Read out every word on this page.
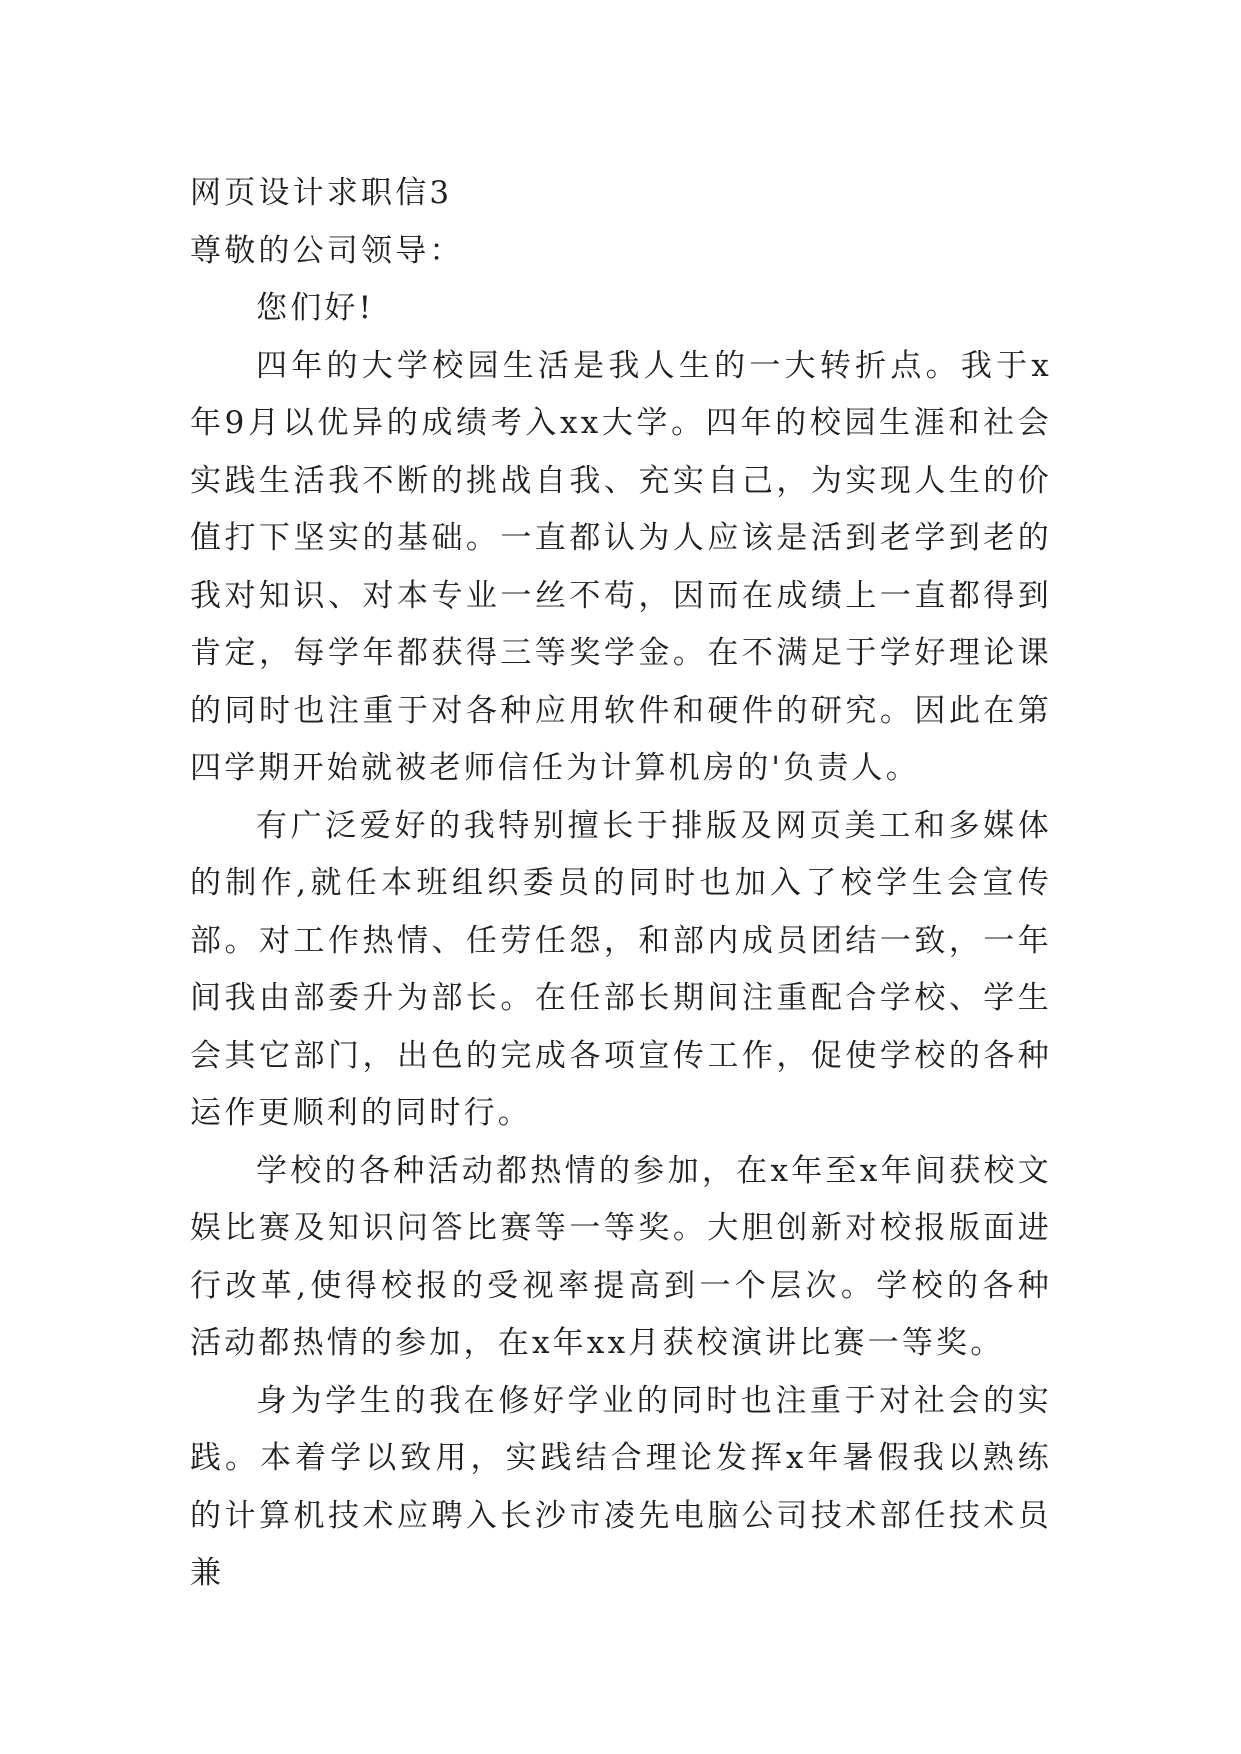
网页设计求职信3

尊敬的公司领导：

您们好!

四年的大学校园生活是我人生的一大转折点。我于x年9月以优异的成绩考入xx大学。四年的校园生涯和社会实践生活我不断的挑战自我、充实自己，为实现人生的价值打下坚实的基础。一直都认为人应该是活到老学到老的我对知识、对本专业一丝不苟，因而在成绩上一直都得到肯定，每学年都获得三等奖学金。在不满足于学好理论课的同时也注重于对各种应用软件和硬件的研究。因此在第四学期开始就被老师信任为计算机房的'负责人。

有广泛爱好的我特别擅长于排版及网页美工和多媒体的制作,就任本班组织委员的同时也加入了校学生会宣传部。对工作热情、任劳任怨，和部内成员团结一致，一年间我由部委升为部长。在任部长期间注重配合学校、学生会其它部门，出色的完成各项宣传工作，促使学校的各种运作更顺利的同时行。

学校的各种活动都热情的参加，在x年至x年间获校文娱比赛及知识问答比赛等一等奖。大胆创新对校报版面进行改革,使得校报的受视率提高到一个层次。学校的各种活动都热情的参加，在x年xx月获校演讲比赛一等奖。

身为学生的我在修好学业的同时也注重于对社会的实践。本着学以致用，实践结合理论发挥x年暑假我以熟练的计算机技术应聘入长沙市凌先电脑公司技术部任技术员兼
